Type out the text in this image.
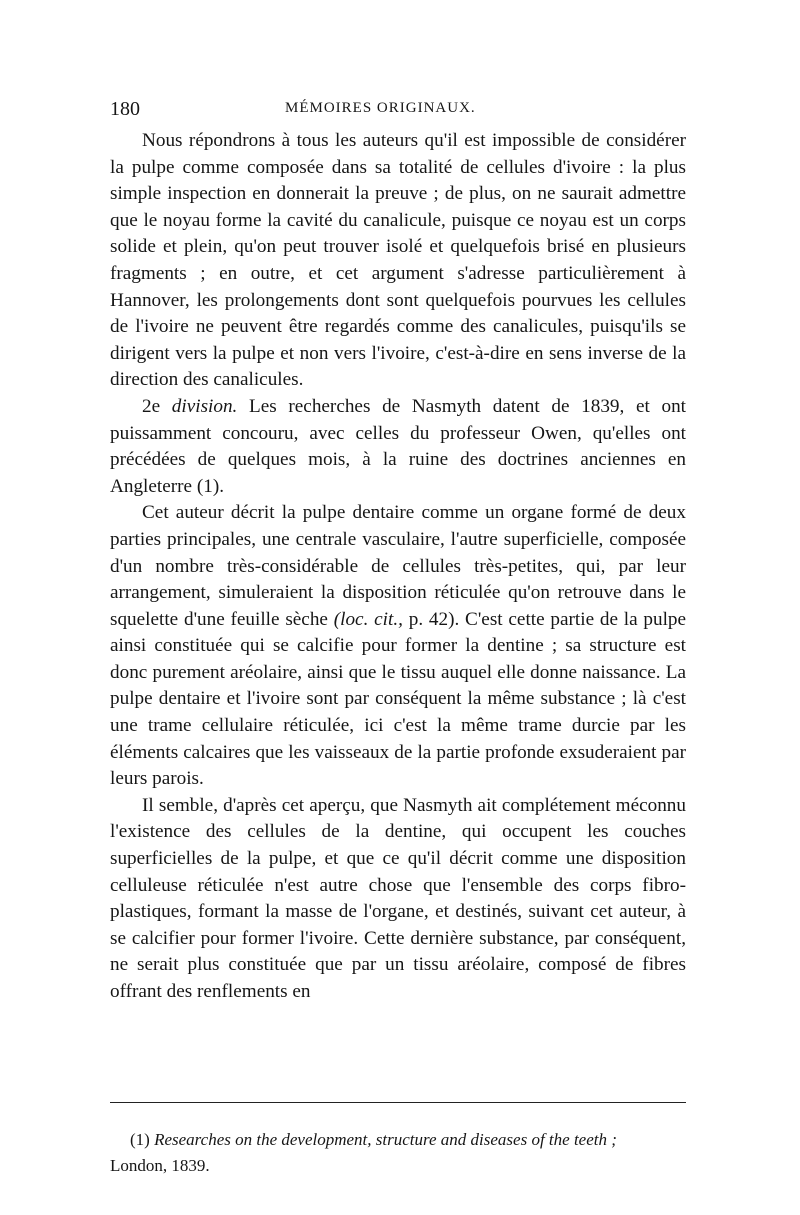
180	MÉMOIRES ORIGINAUX.

Nous répondrons à tous les auteurs qu'il est impossible de considérer la pulpe comme composée dans sa totalité de cellules d'ivoire : la plus simple inspection en donnerait la preuve ; de plus, on ne saurait admettre que le noyau forme la cavité du canalicule, puisque ce noyau est un corps solide et plein, qu'on peut trouver isolé et quelquefois brisé en plusieurs fragments ; en outre, et cet argument s'adresse particulièrement à Hannover, les prolongements dont sont quelquefois pourvues les cellules de l'ivoire ne peuvent être regardés comme des canalicules, puisqu'ils se dirigent vers la pulpe et non vers l'ivoire, c'est-à-dire en sens inverse de la direction des canalicules.

2e division. Les recherches de Nasmyth datent de 1839, et ont puissamment concouru, avec celles du professeur Owen, qu'elles ont précédées de quelques mois, à la ruine des doctrines anciennes en Angleterre (1).

Cet auteur décrit la pulpe dentaire comme un organe formé de deux parties principales, une centrale vasculaire, l'autre superficielle, composée d'un nombre très-considérable de cellules très-petites, qui, par leur arrangement, simuleraient la disposition réticulée qu'on retrouve dans le squelette d'une feuille sèche (loc. cit., p. 42). C'est cette partie de la pulpe ainsi constituée qui se calcifie pour former la dentine ; sa structure est donc purement aréolaire, ainsi que le tissu auquel elle donne naissance. La pulpe dentaire et l'ivoire sont par conséquent la même substance ; là c'est une trame cellulaire réticulée, ici c'est la même trame durcie par les éléments calcaires que les vaisseaux de la partie profonde exsuderaient par leurs parois.

Il semble, d'après cet aperçu, que Nasmyth ait complétement méconnu l'existence des cellules de la dentine, qui occupent les couches superficielles de la pulpe, et que ce qu'il décrit comme une disposition celluleuse réticulée n'est autre chose que l'ensemble des corps fibro-plastiques, formant la masse de l'organe, et destinés, suivant cet auteur, à se calcifier pour former l'ivoire. Cette dernière substance, par conséquent, ne serait plus constituée que par un tissu aréolaire, composé de fibres offrant des renflements en

(1) Researches on the development, structure and diseases of the teeth ;
London, 1839.
